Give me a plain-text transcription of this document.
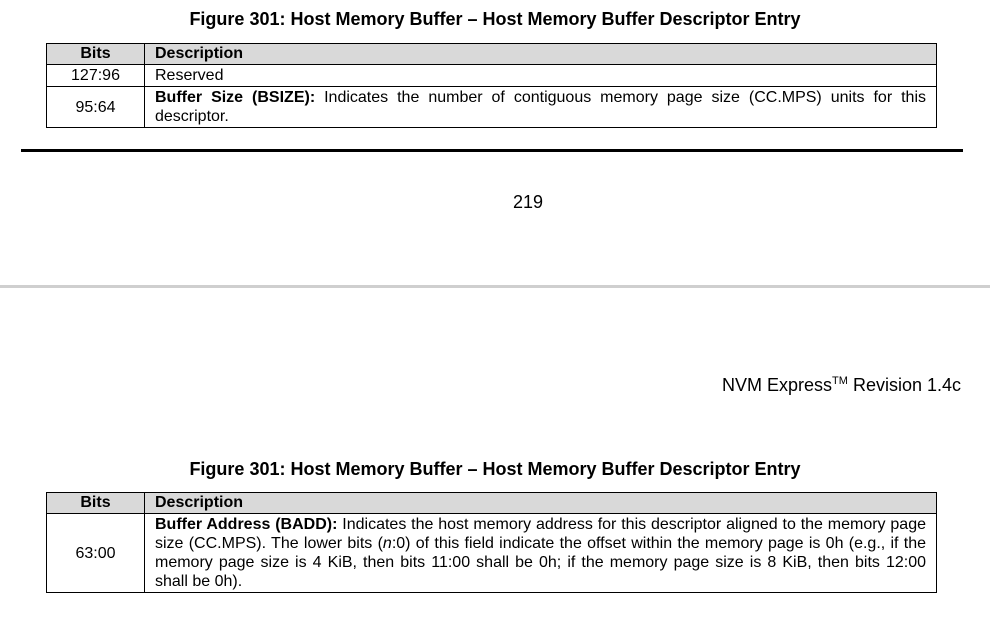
Figure 301: Host Memory Buffer – Host Memory Buffer Descriptor Entry

Bits	Description
127:96	Reserved
95:64	Buffer Size (BSIZE): Indicates the number of contiguous memory page size (CC.MPS) units for this descriptor.
219
NVM Express™ Revision 1.4c

Figure 301: Host Memory Buffer – Host Memory Buffer Descriptor Entry

Bits	Description
63:00	Buffer Address (BADD): Indicates the host memory address for this descriptor aligned to the memory page size (CC.MPS). The lower bits (n:0) of this field indicate the offset within the memory page is 0h (e.g., if the memory page size is 4 KiB, then bits 11:00 shall be 0h; if the memory page size is 8 KiB, then bits 12:00 shall be 0h).
